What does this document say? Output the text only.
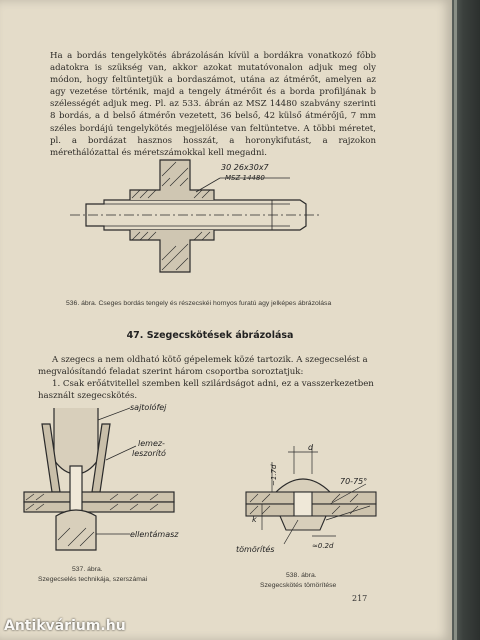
Ha a bordás tengelykötés ábrázolásán kívül a bordákra vonatkozó főbb adatokra is szükség van, akkor azokat mutatóvonalon adjuk meg oly módon, hogy feltüntetjük a bordaszámot, utána az átmérőt, amelyen az agy vezetése történik, majd a tengely átmérőit és a borda profiljának b szélességét adjuk meg. Pl. az 533. ábrán az MSZ 14480 szabvány szerinti 8 bordás, a d belső átmérőn vezetett, 36 belső, 42 külső átmérőjű, 7 mm széles bordájú tengelykötés megjelölése van feltüntetve. A többi méretet, pl. a bordázat hasznos hosszát, a horonykifutást, a rajzokon mérethálózattal és méretszámokkal kell megadni.

30 26x30x7
MSZ 14480
536. ábra. Cseges bordás tengely és részecskéi hornyos furatú agy jelképes ábrázolása
47. Szegecskötések ábrázolása

A szegecs a nem oldható kötő gépelemek közé tartozik. A szegecselést a megvalósítandó feladat szerint három csoportba soroztatjuk:
1. Csak erőátvitellel szemben kell szilárdságot adni, ez a vasszerkezetben használt szegecskötés.

sajtolófej
lemez-
leszorító
ellentámasz
537. ábra.
Szegecselés technikája, szerszámai
d
~1.7d	70-75°
k
tömörítés	≈0.2d
538. ábra.
Szegecskötés tömörítése
217
Antikvárium.hu
